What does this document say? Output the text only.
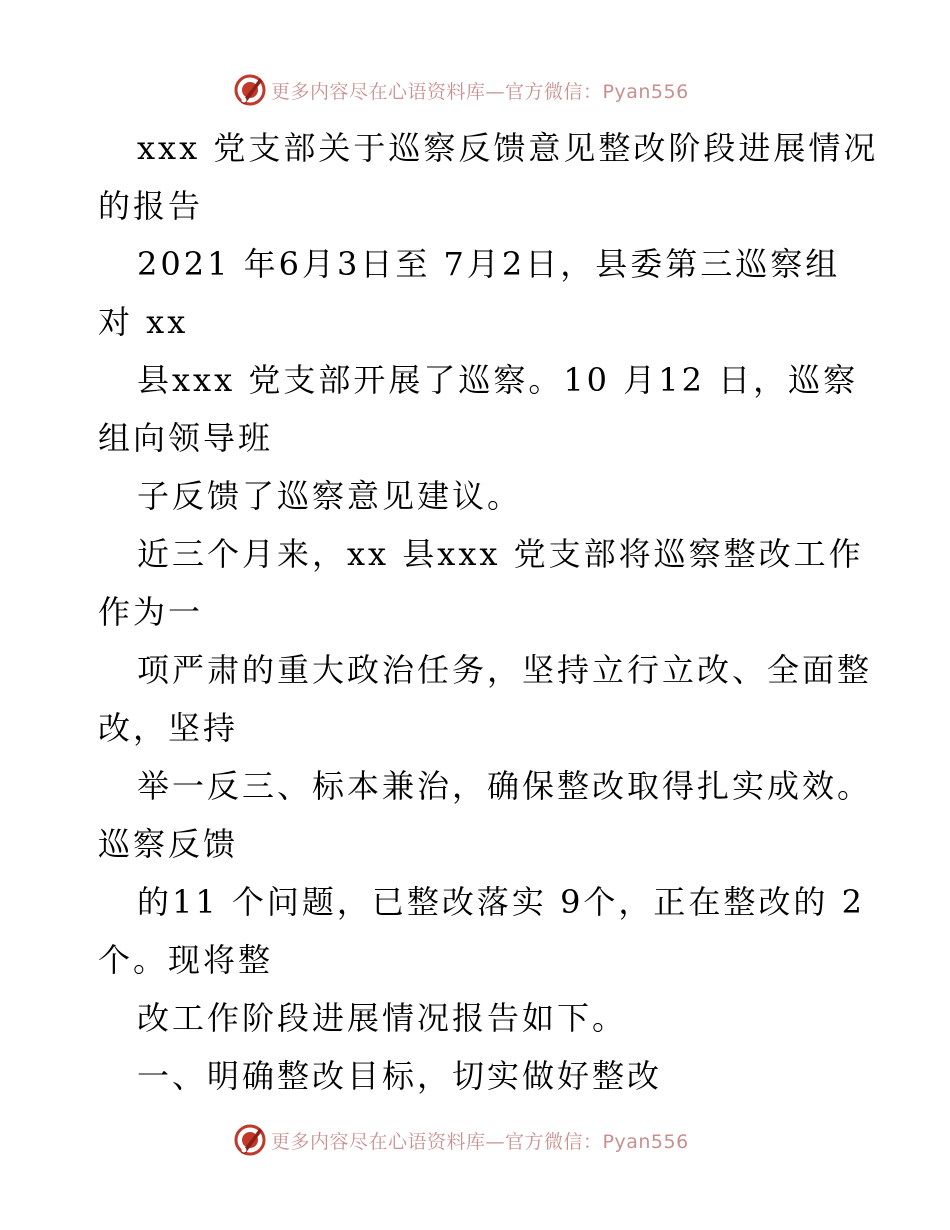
更多内容尽在心语资料库—官方微信：Pyan556
xxx 党支部关于巡察反馈意见整改阶段进展情况
的报告
2021 年6月3日至 7月2日，县委第三巡察组
对 xx
县xxx 党支部开展了巡察。10 月12 日，巡察
组向领导班
子反馈了巡察意见建议。
近三个月来，xx 县xxx 党支部将巡察整改工作
作为一
项严肃的重大政治任务，坚持立行立改、全面整
改，坚持
举一反三、标本兼治，确保整改取得扎实成效。
巡察反馈
的11 个问题，已整改落实 9个，正在整改的 2
个。现将整
改工作阶段进展情况报告如下。
一、明确整改目标，切实做好整改
更多内容尽在心语资料库—官方微信：Pyan556
